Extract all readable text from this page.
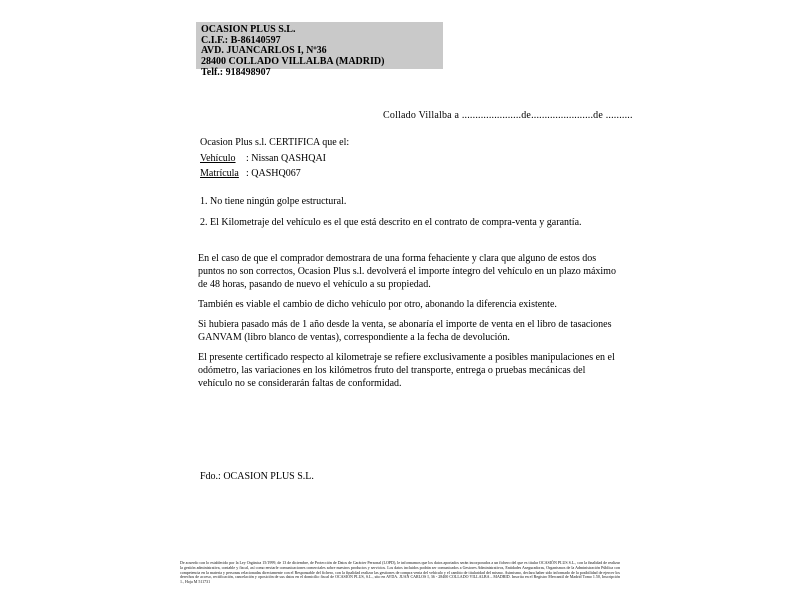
OCASION PLUS S.L.
C.I.F.: B-86140597
AVD. JUANCARLOS I, Nº36
28400 COLLADO VILLALBA (MADRID)
Telf.: 918498907
Collado Villalba a ......................de.......................de ..........
Ocasion Plus s.l. CERTIFICA que el:
Vehículo : Nissan QASHQAI
Matrícula : QASHQ067

1. No tiene ningún golpe estructural.

2. El Kilometraje del vehículo es el que está descrito en el contrato de compra-venta y garantía.

En el caso de que el comprador demostrara de una forma fehaciente y clara que alguno de estos dos puntos no son correctos, Ocasion Plus s.l. devolverá el importe íntegro del vehículo en un plazo máximo de 48 horas, pasando de nuevo el vehículo a su propiedad.

También es viable el cambio de dicho vehículo por otro, abonando la diferencia existente.

Si hubiera pasado más de 1 año desde la venta, se abonaría el importe de venta en el libro de tasaciones GANVAM (libro blanco de ventas), correspondiente a la fecha de devolución.

El presente certificado respecto al kilometraje se refiere exclusivamente a posibles manipulaciones en el odómetro, las variaciones en los kilómetros fruto del transporte, entrega o pruebas mecánicas del vehículo no se considerarán faltas de conformidad.

Fdo.: OCASION PLUS S.L.
De acuerdo con lo establecido por la Ley Orgánica 15/1999, de 13 de diciembre, de Protección de Datos de Carácter Personal (LOPD), le informamos que los datos aportados serán incorporados a un fichero del que es titular OCASIÓN PLUS S.L., con la finalidad de realizar la gestión administrativa, contable y fiscal, así como enviarle comunicaciones comerciales sobre nuestros productos y servicios. Los datos incluidos podrán ser comunicados a Gestores Administrativos, Entidades Aseguradoras, Organismos de la Administración Pública con competencia en la materia y personas relacionadas directamente con el Responsable del fichero, con la finalidad realizar las gestiones de compra venta del vehículo y el cambio de titularidad del mismo. Asimismo, declara haber sido informado de la posibilidad de ejercer los derechos de acceso, rectificación, cancelación y oposición de sus datos en el domicilio fiscal de OCASIÓN PLUS, S.L., sito en AVDA. JUAN CARLOS I, 36 - 28400 COLLADO VILLALBA – MADRID. Inscrita en el Registro Mercantil de Madrid Tomo 1.50, Inscripción 1., Hoja M 511731
